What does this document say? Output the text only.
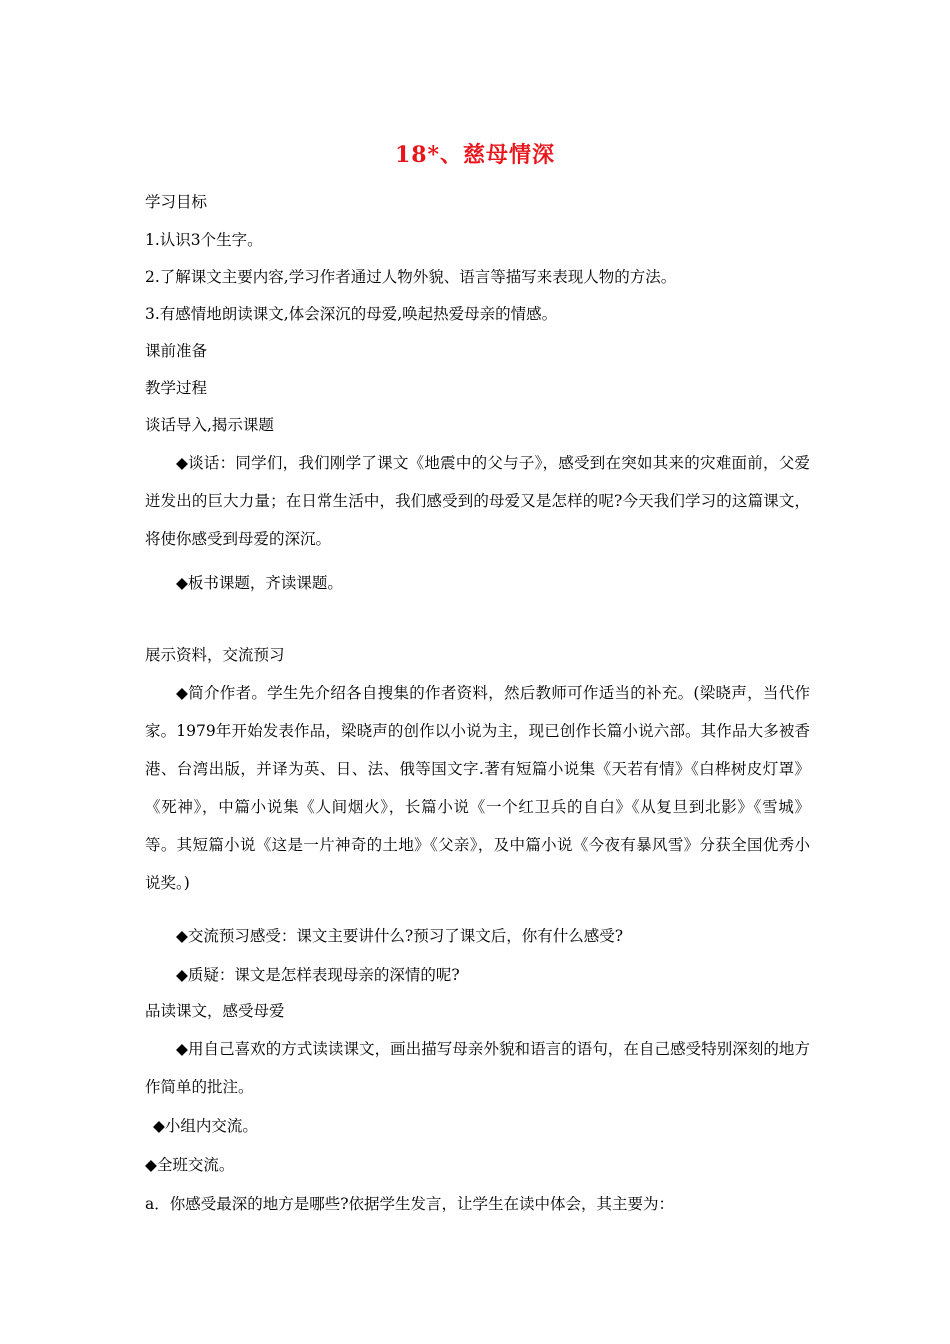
18*、慈母情深
学习目标
1.认识3个生字。
2.了解课文主要内容,学习作者通过人物外貌、语言等描写来表现人物的方法。
3.有感情地朗读课文,体会深沉的母爱,唤起热爱母亲的情感。
课前准备
教学过程
谈话导入,揭示课题
◆谈话：同学们，我们刚学了课文《地震中的父与子》，感受到在突如其来的灾难面前，父爱迸发出的巨大力量；在日常生活中，我们感受到的母爱又是怎样的呢?今天我们学习的这篇课文，将使你感受到母爱的深沉。
◆板书课题，齐读课题。
展示资料，交流预习
◆简介作者。学生先介绍各自搜集的作者资料，然后教师可作适当的补充。(梁晓声，当代作家。1979年开始发表作品，梁晓声的创作以小说为主，现已创作长篇小说六部。其作品大多被香港、台湾出版，并译为英、日、法、俄等国文字.著有短篇小说集《天若有情》《白桦树皮灯罩》《死神》，中篇小说集《人间烟火》，长篇小说《一个红卫兵的自白》《从复旦到北影》《雪城》等。其短篇小说《这是一片神奇的土地》《父亲》，及中篇小说《今夜有暴风雪》分获全国优秀小说奖。)
◆交流预习感受：课文主要讲什么?预习了课文后，你有什么感受?
◆质疑：课文是怎样表现母亲的深情的呢?
品读课文，感受母爱
◆用自己喜欢的方式读读课文，画出描写母亲外貌和语言的语句，在自己感受特别深刻的地方作简单的批注。
◆小组内交流。
◆全班交流。
a．你感受最深的地方是哪些?依据学生发言，让学生在读中体会，其主要为：
